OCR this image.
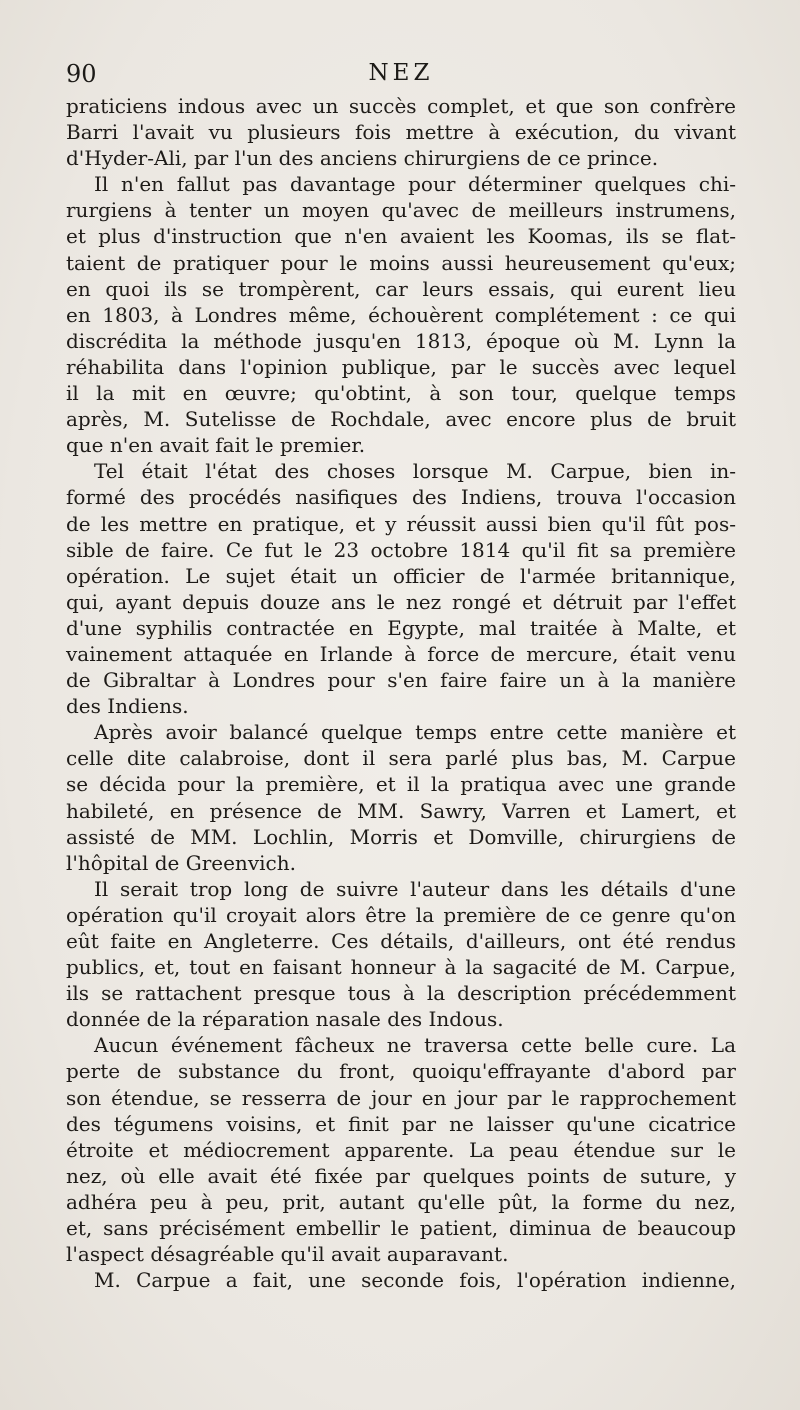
90	NEZ
praticiens indous avec un succès complet, et que son confrère
Barri l'avait vu plusieurs fois mettre à exécution, du vivant
d'Hyder-Ali, par l'un des anciens chirurgiens de ce prince.
Il n'en fallut pas davantage pour déterminer quelques chi-
rurgiens à tenter un moyen qu'avec de meilleurs instrumens,
et plus d'instruction que n'en avaient les Koomas, ils se flat-
taient de pratiquer pour le moins aussi heureusement qu'eux;
en quoi ils se trompèrent, car leurs essais, qui eurent lieu
en 1803, à Londres même, échouèrent complétement : ce qui
discrédita la méthode jusqu'en 1813, époque où M. Lynn la
réhabilita dans l'opinion publique, par le succès avec lequel
il la mit en œuvre; qu'obtint, à son tour, quelque temps
après, M. Sutelisse de Rochdale, avec encore plus de bruit
que n'en avait fait le premier.
Tel était l'état des choses lorsque M. Carpue, bien in-
formé des procédés nasifiques des Indiens, trouva l'occasion
de les mettre en pratique, et y réussit aussi bien qu'il fût pos-
sible de faire. Ce fut le 23 octobre 1814 qu'il fit sa première
opération. Le sujet était un officier de l'armée britannique,
qui, ayant depuis douze ans le nez rongé et détruit par l'effet
d'une syphilis contractée en Egypte, mal traitée à Malte, et
vainement attaquée en Irlande à force de mercure, était venu
de Gibraltar à Londres pour s'en faire faire un à la manière
des Indiens.
Après avoir balancé quelque temps entre cette manière et
celle dite calabroise, dont il sera parlé plus bas, M. Carpue
se décida pour la première, et il la pratiqua avec une grande
habileté, en présence de MM. Sawry, Varren et Lamert, et
assisté de MM. Lochlin, Morris et Domville, chirurgiens de
l'hôpital de Greenvich.
Il serait trop long de suivre l'auteur dans les détails d'une
opération qu'il croyait alors être la première de ce genre qu'on
eût faite en Angleterre. Ces détails, d'ailleurs, ont été rendus
publics, et, tout en faisant honneur à la sagacité de M. Carpue,
ils se rattachent presque tous à la description précédemment
donnée de la réparation nasale des Indous.
Aucun événement fâcheux ne traversa cette belle cure. La
perte de substance du front, quoiqu'effrayante d'abord par
son étendue, se resserra de jour en jour par le rapprochement
des tégumens voisins, et finit par ne laisser qu'une cicatrice
étroite et médiocrement apparente. La peau étendue sur le
nez, où elle avait été fixée par quelques points de suture, y
adhéra peu à peu, prit, autant qu'elle pût, la forme du nez,
et, sans précisément embellir le patient, diminua de beaucoup
l'aspect désagréable qu'il avait auparavant.
M. Carpue a fait, une seconde fois, l'opération indienne,
